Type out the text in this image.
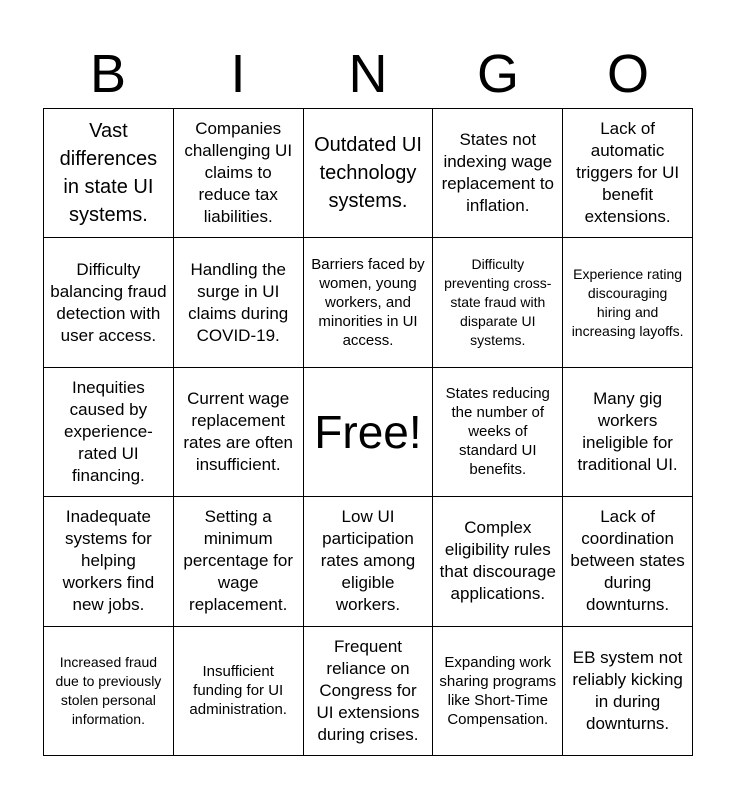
B	I	N	G	O
Vast differences in state UI systems.
Companies challenging UI claims to reduce tax liabilities.
Outdated UI technology systems.
States not indexing wage replacement to inflation.
Lack of automatic triggers for UI benefit extensions.
Difficulty balancing fraud detection with user access.
Handling the surge in UI claims during COVID-19.
Barriers faced by women, young workers, and minorities in UI access.
Difficulty preventing cross-state fraud with disparate UI systems.
Experience rating discouraging hiring and increasing layoffs.
Inequities caused by experience-rated UI financing.
Current wage replacement rates are often insufficient.
Free!
States reducing the number of weeks of standard UI benefits.
Many gig workers ineligible for traditional UI.
Inadequate systems for helping workers find new jobs.
Setting a minimum percentage for wage replacement.
Low UI participation rates among eligible workers.
Complex eligibility rules that discourage applications.
Lack of coordination between states during downturns.
Increased fraud due to previously stolen personal information.
Insufficient funding for UI administration.
Frequent reliance on Congress for UI extensions during crises.
Expanding work sharing programs like Short-Time Compensation.
EB system not reliably kicking in during downturns.
